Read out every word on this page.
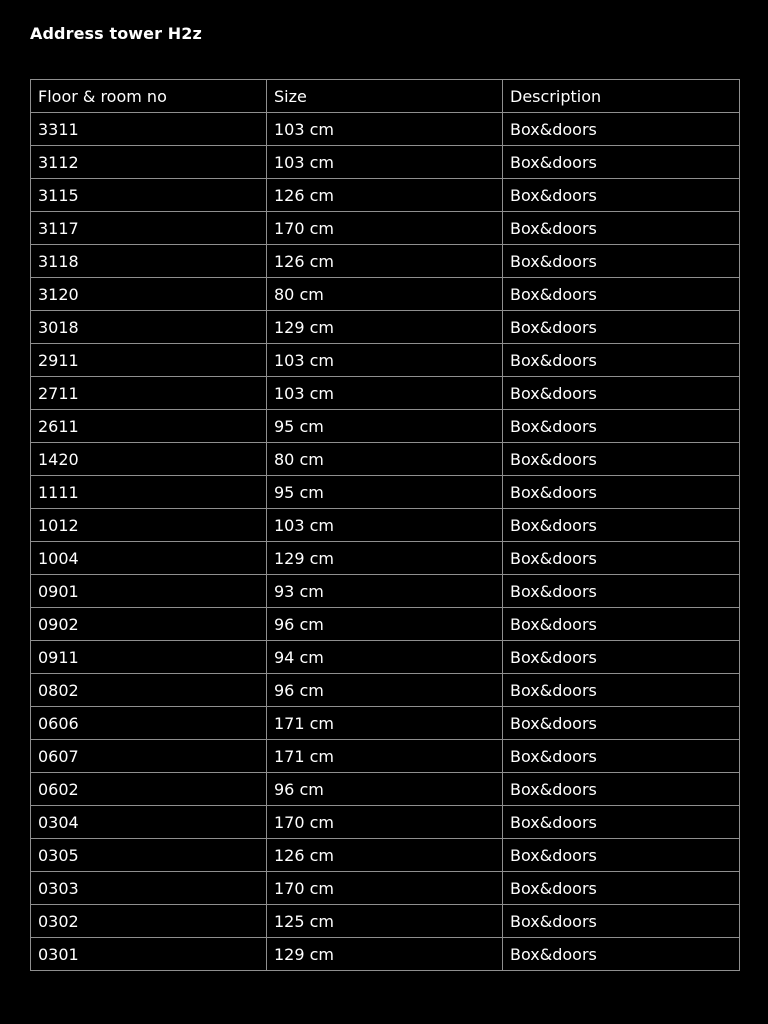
Address tower H2z
Floor & room no	Size	Description
3311	103 cm	Box&doors
3112	103 cm	Box&doors
3115	126 cm	Box&doors
3117	170 cm	Box&doors
3118	126 cm	Box&doors
3120	80 cm	Box&doors
3018	129 cm	Box&doors
2911	103 cm	Box&doors
2711	103 cm	Box&doors
2611	95 cm	Box&doors
1420	80 cm	Box&doors
1111	95 cm	Box&doors
1012	103 cm	Box&doors
1004	129 cm	Box&doors
0901	93 cm	Box&doors
0902	96 cm	Box&doors
0911	94 cm	Box&doors
0802	96 cm	Box&doors
0606	171 cm	Box&doors
0607	171 cm	Box&doors
0602	96 cm	Box&doors
0304	170 cm	Box&doors
0305	126 cm	Box&doors
0303	170 cm	Box&doors
0302	125 cm	Box&doors
0301	129 cm	Box&doors
